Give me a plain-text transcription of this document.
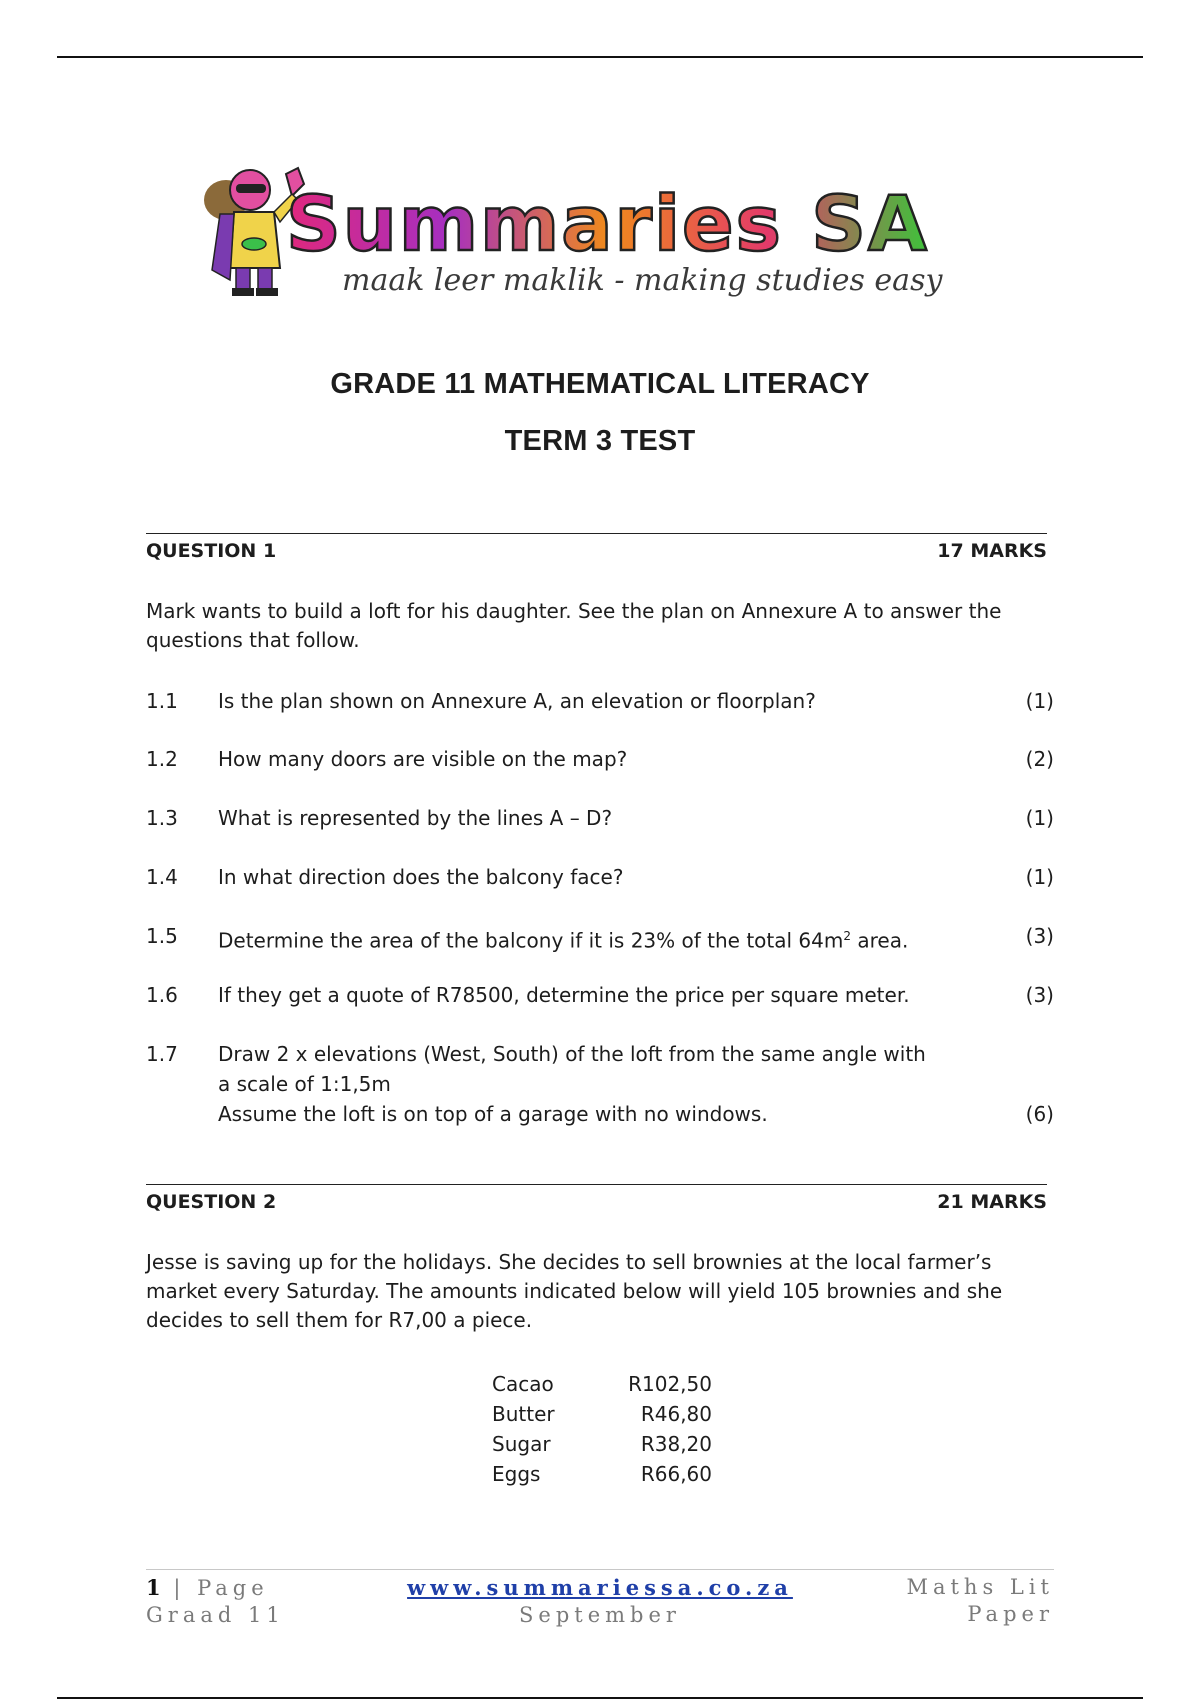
Summaries SA
maak leer maklik - making studies easy
GRADE 11 MATHEMATICAL LITERACY
TERM 3 TEST
QUESTION 1	17 MARKS
Mark wants to build a loft for his daughter. See the plan on Annexure A to answer the questions that follow.
1.1 Is the plan shown on Annexure A, an elevation or floorplan?	(1)
1.2 How many doors are visible on the map?	(2)
1.3 What is represented by the lines A – D?	(1)
1.4 In what direction does the balcony face?	(1)
1.5 Determine the area of the balcony if it is 23% of the total $64m^2$ area.	(3)
1.6 If they get a quote of R78500, determine the price per square meter.	(3)
1.7 Draw 2 x elevations (West, South) of the loft from the same angle with
a scale of 1:1,5m
Assume the loft is on top of a garage with no windows.	(6)
QUESTION 2	21 MARKS
Jesse is saving up for the holidays. She decides to sell brownies at the local farmer’s market every Saturday. The amounts indicated below will yield 105 brownies and she decides to sell them for R7,00 a piece.
Cacao	R102,50
Butter	R46,80
Sugar	R38,20
Eggs	R66,60
1 | Page
Graad 11
www.summariessa.co.za
September
Maths Lit
Paper
